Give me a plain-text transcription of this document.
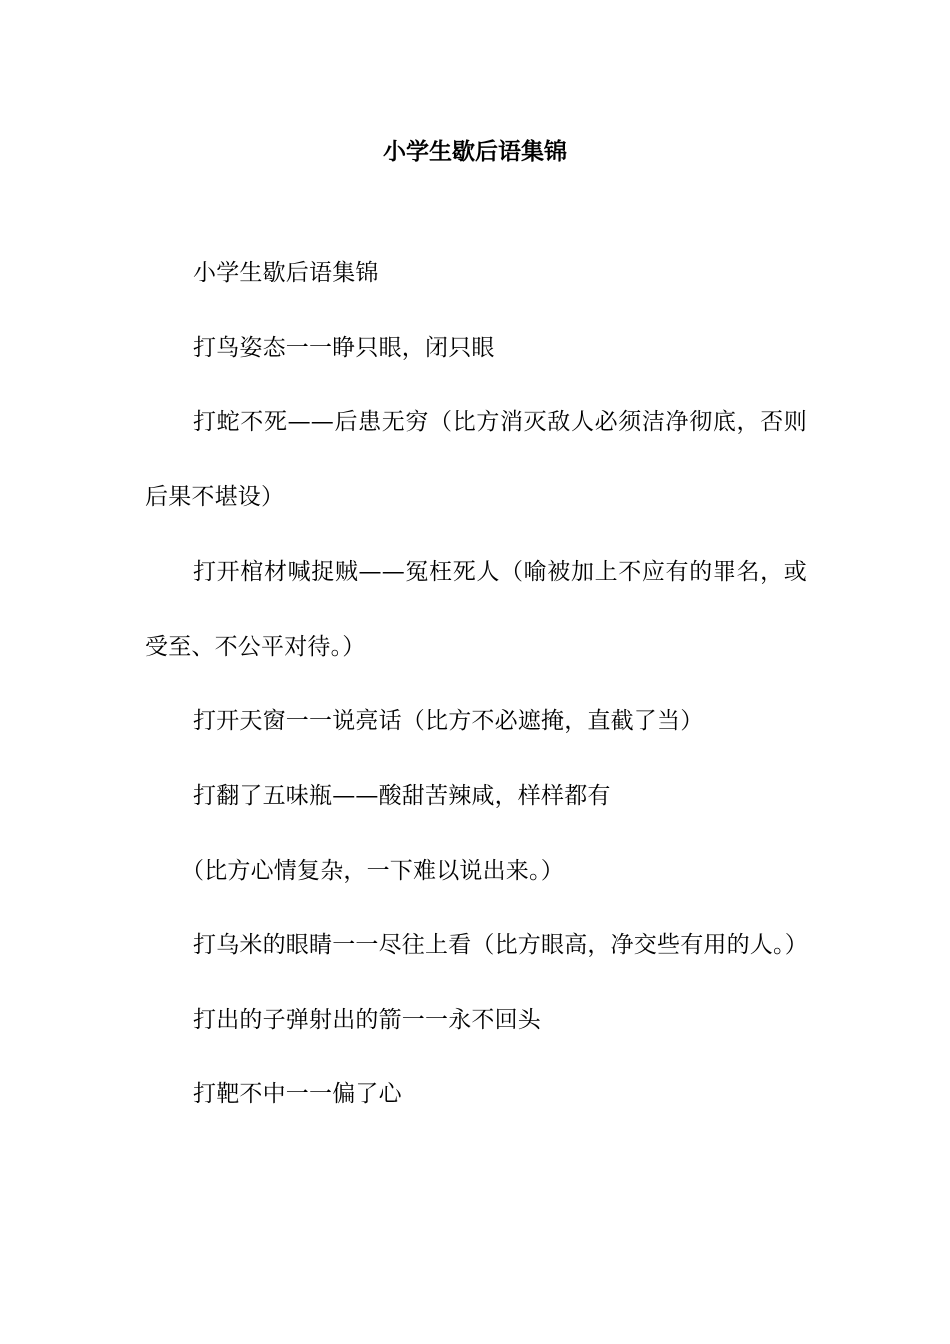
小学生歇后语集锦

小学生歇后语集锦

打鸟姿态一一睁只眼，闭只眼

打蛇不死——后患无穷（比方消灭敌人必须洁净彻底，否则后果不堪设）

打开棺材喊捉贼——冤枉死人（喻被加上不应有的罪名，或受至、不公平对待。）

打开天窗一一说亮话（比方不必遮掩，直截了当）

打翻了五味瓶——酸甜苦辣咸，样样都有

（比方心情复杂，一下难以说出来。）

打乌米的眼睛一一尽往上看（比方眼高，净交些有用的人。）

打出的子弹射出的箭一一永不回头

打靶不中一一偏了心
